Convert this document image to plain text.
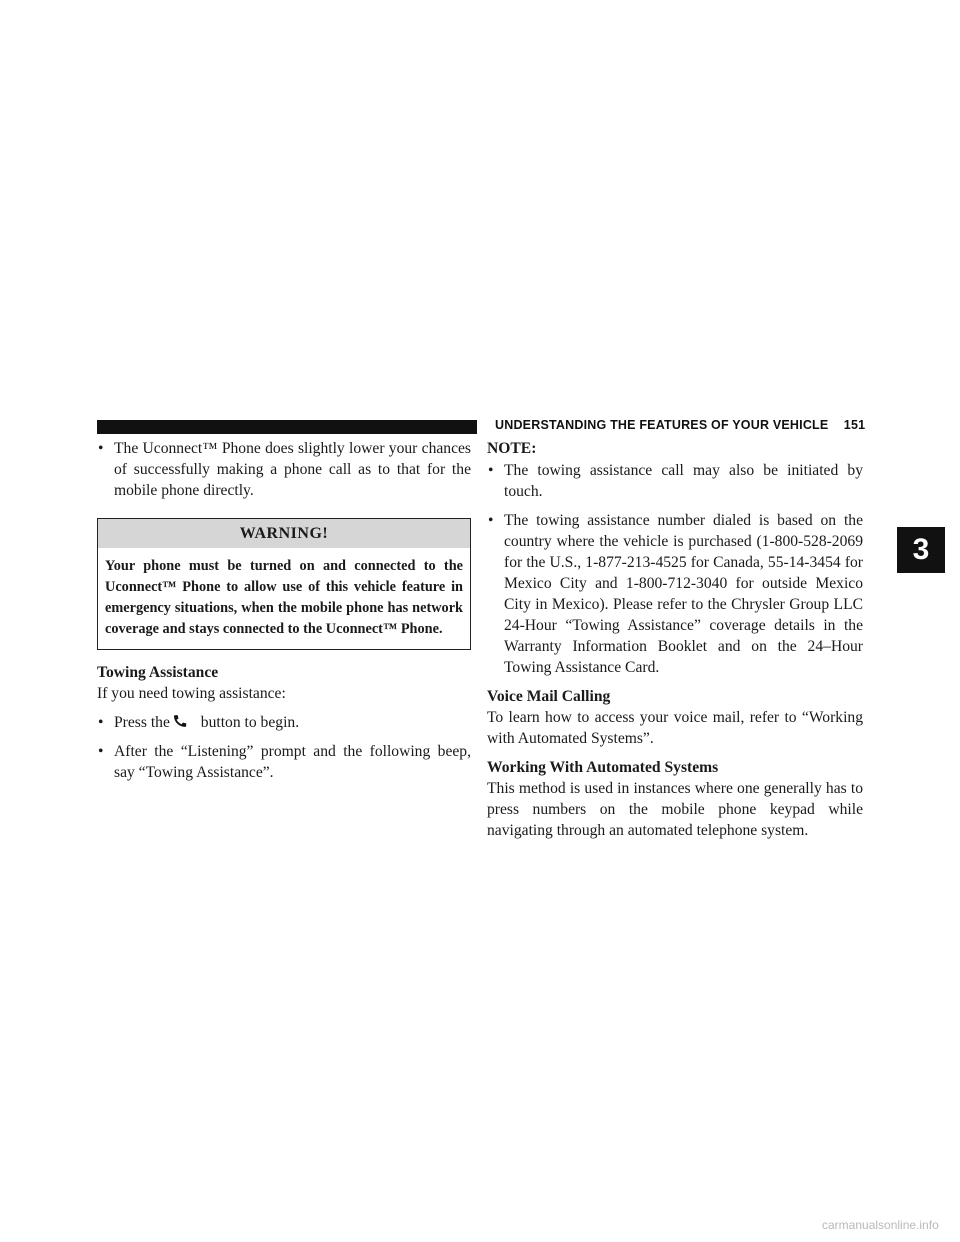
UNDERSTANDING THE FEATURES OF YOUR VEHICLE 151
3

• The Uconnect™ Phone does slightly lower your chances of successfully making a phone call as to that for the mobile phone directly.

WARNING!
Your phone must be turned on and connected to the Uconnect™ Phone to allow use of this vehicle feature in emergency situations, when the mobile phone has network coverage and stays connected to the Uconnect™ Phone.

Towing Assistance

If you need towing assistance:

• Press the button to begin.

• After the “Listening” prompt and the following beep, say “Towing Assistance”.

NOTE:

• The towing assistance call may also be initiated by touch.

• The towing assistance number dialed is based on the country where the vehicle is purchased (1-800-528-2069 for the U.S., 1-877-213-4525 for Canada, 55-14-3454 for Mexico City and 1-800-712-3040 for outside Mexico City in Mexico). Please refer to the Chrysler Group LLC 24-Hour “Towing Assistance” coverage details in the Warranty Information Booklet and on the 24–Hour Towing Assistance Card.

Voice Mail Calling

To learn how to access your voice mail, refer to “Working with Automated Systems”.

Working With Automated Systems

This method is used in instances where one generally has to press numbers on the mobile phone keypad while navigating through an automated telephone system.

carmanualsonline.info
